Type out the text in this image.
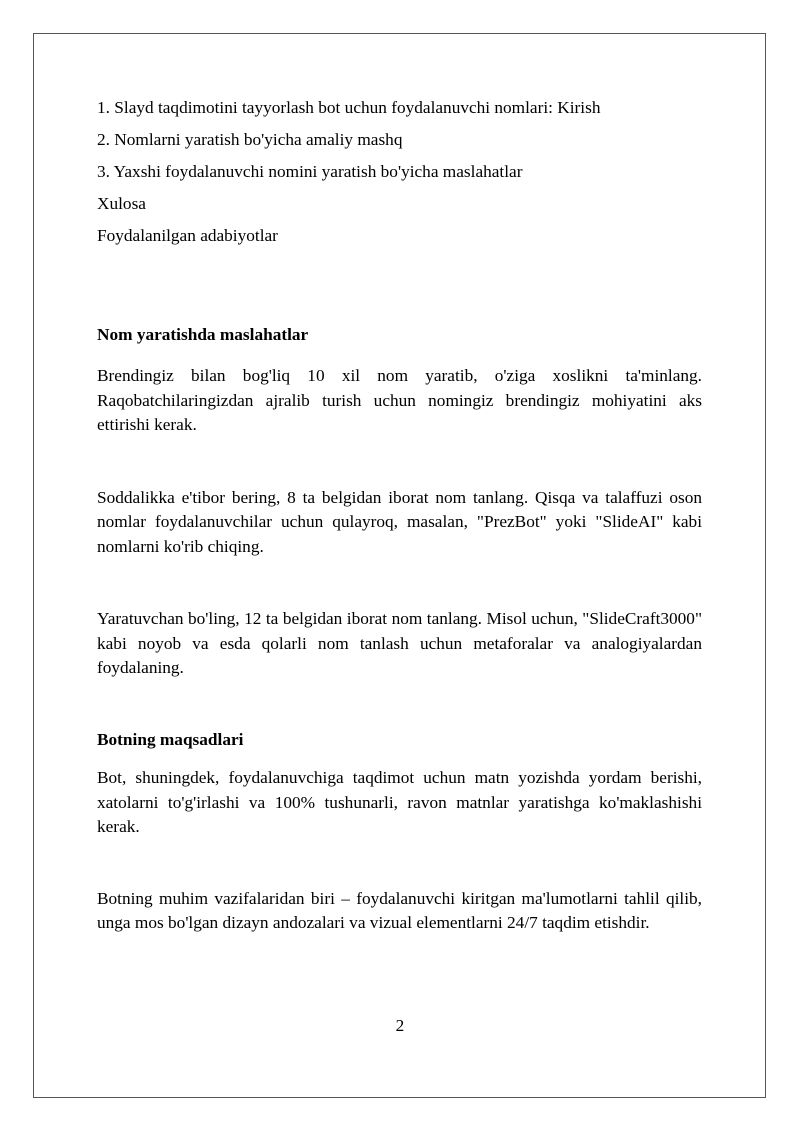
1. Slayd taqdimotini tayyorlash bot uchun foydalanuvchi nomlari: Kirish

2. Nomlarni yaratish bo'yicha amaliy mashq

3. Yaxshi foydalanuvchi nomini yaratish bo'yicha maslahatlar

Xulosa

Foydalanilgan adabiyotlar

Nom yaratishda maslahatlar

Brendingiz bilan bog'liq 10 xil nom yaratib, o'ziga xoslikni ta'minlang. Raqobatchilaringizdan ajralib turish uchun nomingiz brendingiz mohiyatini aks ettirishi kerak.

Soddalikka e'tibor bering, 8 ta belgidan iborat nom tanlang. Qisqa va talaffuzi oson nomlar foydalanuvchilar uchun qulayroq, masalan, "PrezBot" yoki "SlideAI" kabi nomlarni ko'rib chiqing.

Yaratuvchan bo'ling, 12 ta belgidan iborat nom tanlang. Misol uchun, "SlideCraft3000" kabi noyob va esda qolarli nom tanlash uchun metaforalar va analogiyalardan foydalaning.

Botning maqsadlari

Bot, shuningdek, foydalanuvchiga taqdimot uchun matn yozishda yordam berishi, xatolarni to'g'irlashi va 100% tushunarli, ravon matnlar yaratishga ko'maklashishi kerak.

Botning muhim vazifalaridan biri – foydalanuvchi kiritgan ma'lumotlarni tahlil qilib, unga mos bo'lgan dizayn andozalari va vizual elementlarni 24/7 taqdim etishdir.

2
